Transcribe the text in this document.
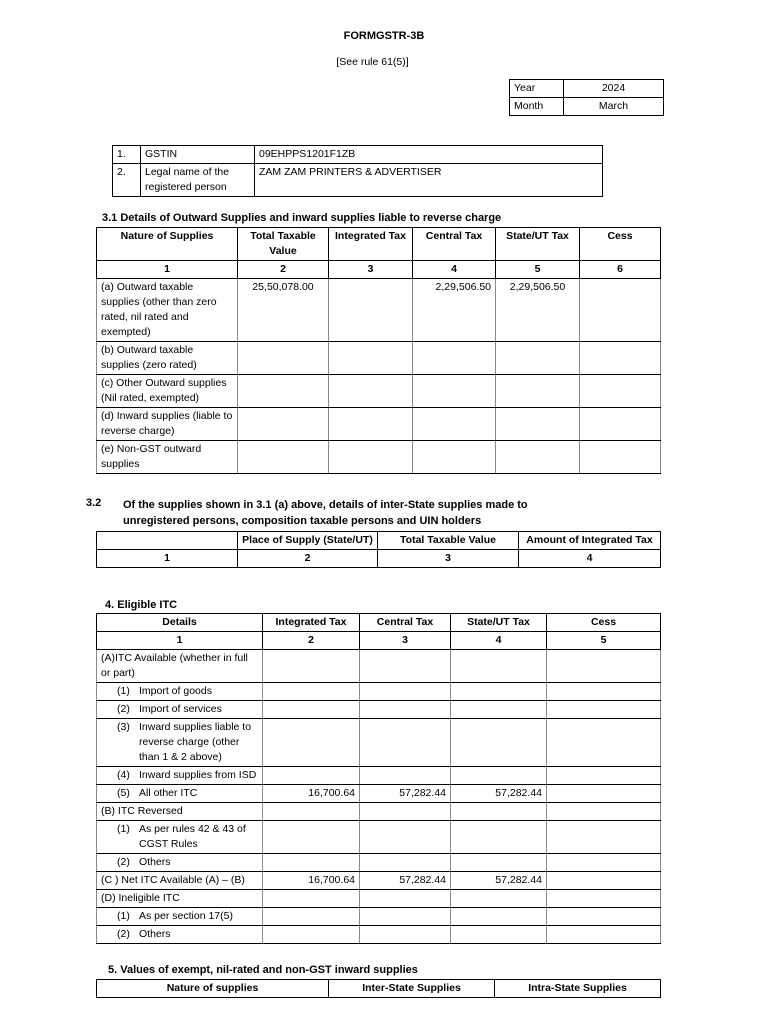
FORMGSTR-3B
[See rule 61(5)]
Year	2024
Month	March
1.	GSTIN	09EHPPS1201F1ZB
2.	Legal name of the registered person	ZAM ZAM PRINTERS & ADVERTISER
3.1 Details of Outward Supplies and inward supplies liable to reverse charge
Nature of Supplies	Total Taxable Value	Integrated Tax	Central Tax	State/UT Tax	Cess
1	2	3	4	5	6
(a) Outward taxable supplies (other than zero rated, nil rated and exempted)	25,50,078.00		2,29,506.50	2,29,506.50	
(b) Outward taxable supplies (zero rated)					
(c) Other Outward supplies (Nil rated, exempted)					
(d) Inward supplies (liable to reverse charge)					
(e) Non-GST outward supplies					
3.2 Of the supplies shown in 3.1 (a) above, details of inter-State supplies made to unregistered persons, composition taxable persons and UIN holders
	Place of Supply (State/UT)	Total Taxable Value	Amount of Integrated Tax
1	2	3	4
4. Eligible ITC
Details	Integrated Tax	Central Tax	State/UT Tax	Cess
1	2	3	4	5
(A)ITC Available (whether in full or part)				

(1) Import of goods				

(2) Import of services				

(3) Inward supplies liable to reverse charge (other than 1 & 2 above)				

(4) Inward supplies from ISD				

(5) All other ITC	16,700.64	57,282.44	57,282.44	
(B) ITC Reversed				

(1) As per rules 42 & 43 of CGST Rules				

(2) Others				

(C ) Net ITC Available (A) – (B)	16,700.64	57,282.44	57,282.44	
(D) Ineligible ITC				

(1) As per section 17(5)				

(2) Others				

5. Values of exempt, nil-rated and non-GST inward supplies
Nature of supplies	Inter-State Supplies	Intra-State Supplies
